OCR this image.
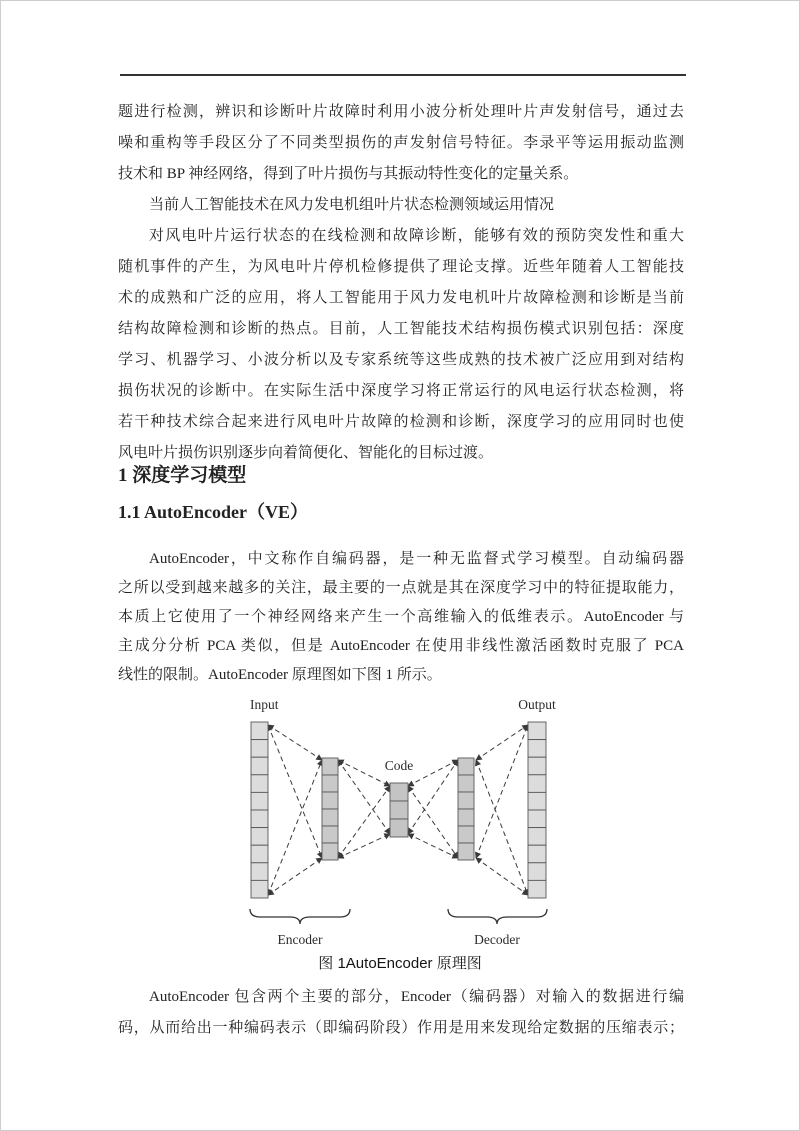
题进行检测，辨识和诊断叶片故障时利用小波分析处理叶片声发射信号，通过去
噪和重构等手段区分了不同类型损伤的声发射信号特征。李录平等运用振动监测
技术和 BP 神经网络，得到了叶片损伤与其振动特性变化的定量关系。
当前人工智能技术在风力发电机组叶片状态检测领域运用情况
对风电叶片运行状态的在线检测和故障诊断，能够有效的预防突发性和重大
随机事件的产生，为风电叶片停机检修提供了理论支撑。近些年随着人工智能技
术的成熟和广泛的应用，将人工智能用于风力发电机叶片故障检测和诊断是当前
结构故障检测和诊断的热点。目前，人工智能技术结构损伤模式识别包括：深度
学习、机器学习、小波分析以及专家系统等这些成熟的技术被广泛应用到对结构
损伤状况的诊断中。在实际生活中深度学习将正常运行的风电运行状态检测，将
若干种技术综合起来进行风电叶片故障的检测和诊断，深度学习的应用同时也使
风电叶片损伤识别逐步向着简便化、智能化的目标过渡。
1 深度学习模型
1.1 AutoEncoder（VE）
AutoEncoder，中文称作自编码器，是一种无监督式学习模型。自动编码器
之所以受到越来越多的关注，最主要的一点就是其在深度学习中的特征提取能力，
本质上它使用了一个神经网络来产生一个高维输入的低维表示。AutoEncoder 与
主成分分析 PCA 类似，但是 AutoEncoder 在使用非线性激活函数时克服了 PCA
线性的限制。AutoEncoder 原理图如下图 1 所示。
Input	Output
Code
Encoder	Decoder
图 1AutoEncoder 原理图
AutoEncoder 包含两个主要的部分，Encoder（编码器）对输入的数据进行编
码，从而给出一种编码表示（即编码阶段）作用是用来发现给定数据的压缩表示；
